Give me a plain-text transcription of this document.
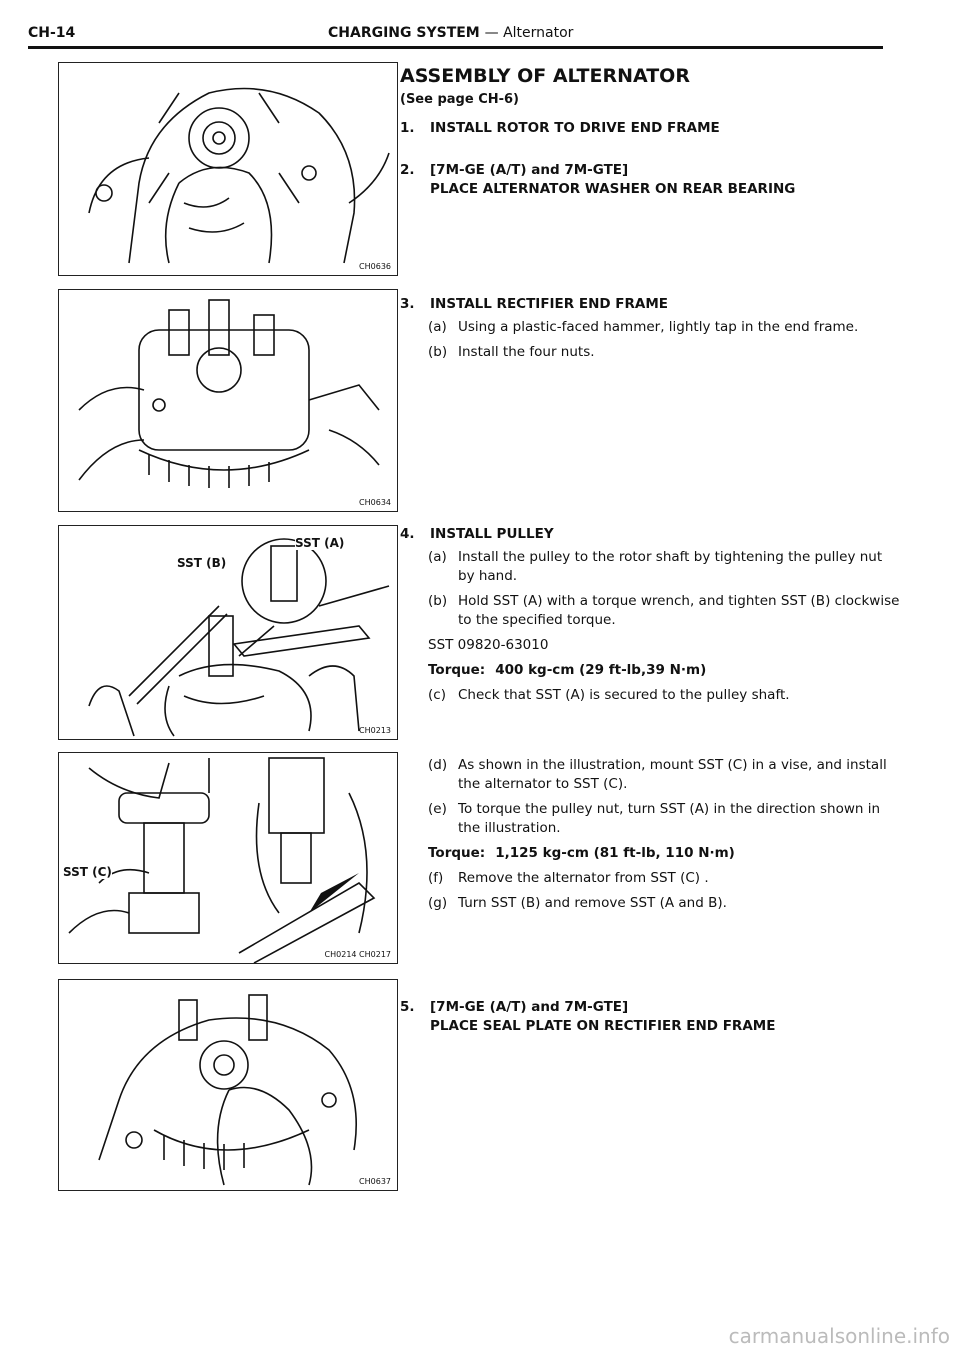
CH-14	CHARGING SYSTEM — Alternator
CH0636
CH0634
SST (A)
SST (B)
CH0213
SST (C)
CH0214 CH0217
CH0637
ASSEMBLY OF ALTERNATOR
(See page CH-6)
1. INSTALL ROTOR TO DRIVE END FRAME
2. [7M-GE (A/T) and 7M-GTE]
PLACE ALTERNATOR WASHER ON REAR BEARING
3. INSTALL RECTIFIER END FRAME
(a) Using a plastic-faced hammer, lightly tap in the end frame.
(b) Install the four nuts.
4. INSTALL PULLEY
(a) Install the pulley to the rotor shaft by tightening the pulley nut by hand.
(b) Hold SST (A) with a torque wrench, and tighten SST (B) clockwise to the specified torque.
SST 09820-63010
Torque: 400 kg-cm (29 ft-lb,39 N·m)
(c) Check that SST (A) is secured to the pulley shaft.
(d) As shown in the illustration, mount SST (C) in a vise, and install the alternator to SST (C).
(e) To torque the pulley nut, turn SST (A) in the direction shown in the illustration.
Torque: 1,125 kg-cm (81 ft-lb, 110 N·m)
(f) Remove the alternator from SST (C) .
(g) Turn SST (B) and remove SST (A and B).
5. [7M-GE (A/T) and 7M-GTE]
PLACE SEAL PLATE ON RECTIFIER END FRAME
carmanualsonline.info
